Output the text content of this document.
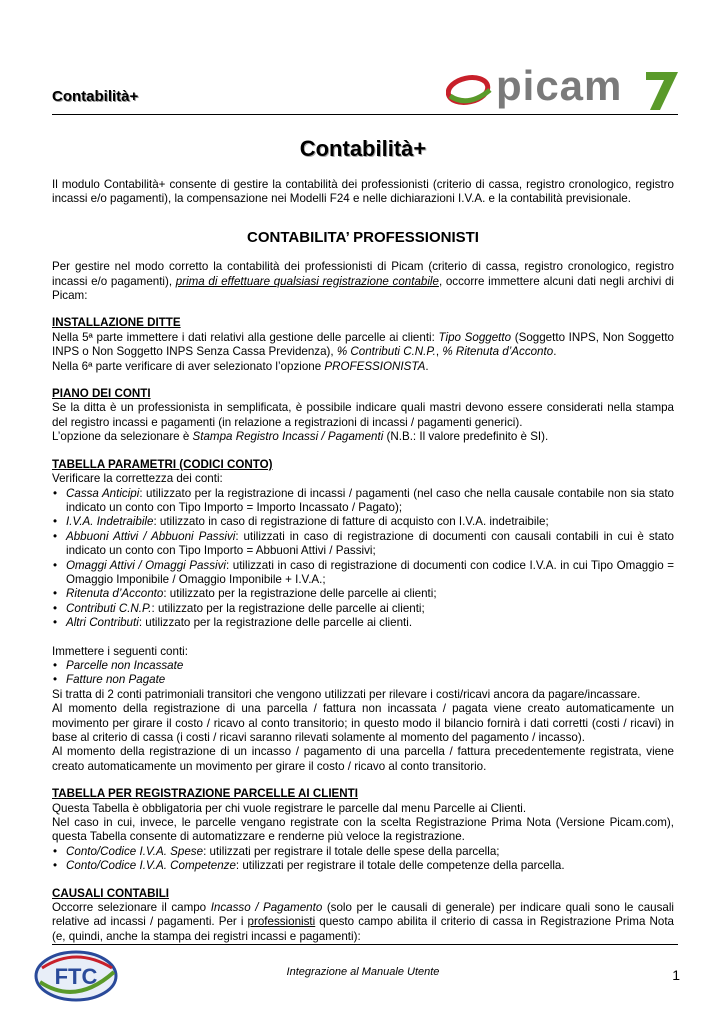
Contabilità+	picam
Contabilità+

Il modulo Contabilità+ consente di gestire la contabilità dei professionisti (criterio di cassa, registro cronologico, registro incassi e/o pagamenti), la compensazione nei Modelli F24 e nelle dichiarazioni I.V.A. e la contabilità previsionale.

CONTABILITA’ PROFESSIONISTI

Per gestire nel modo corretto la contabilità dei professionisti di Picam (criterio di cassa, registro cronologico, registro incassi e/o pagamenti), prima di effettuare qualsiasi registrazione contabile, occorre immettere alcuni dati negli archivi di Picam:

INSTALLAZIONE DITTE

Nella 5ª parte immettere i dati relativi alla gestione delle parcelle ai clienti: Tipo Soggetto (Soggetto INPS, Non Soggetto INPS o Non Soggetto INPS Senza Cassa Previdenza), % Contributi C.N.P., % Ritenuta d’Acconto.

Nella 6ª parte verificare di aver selezionato l’opzione PROFESSIONISTA.

PIANO DEI CONTI

Se la ditta è un professionista in semplificata, è possibile indicare quali mastri devono essere considerati nella stampa del registro incassi e pagamenti (in relazione a registrazioni di incassi / pagamenti generici).

L’opzione da selezionare è Stampa Registro Incassi / Pagamenti (N.B.: Il valore predefinito è SI).

TABELLA PARAMETRI (CODICI CONTO)

Verificare la correttezza dei conti:

• Cassa Anticipi: utilizzato per la registrazione di incassi / pagamenti (nel caso che nella causale contabile non sia stato indicato un conto con Tipo Importo = Importo Incassato / Pagato);
• I.V.A. Indetraibile: utilizzato in caso di registrazione di fatture di acquisto con I.V.A. indetraibile;
• Abbuoni Attivi / Abbuoni Passivi: utilizzati in caso di registrazione di documenti con causali contabili in cui è stato indicato un conto con Tipo Importo = Abbuoni Attivi / Passivi;
• Omaggi Attivi / Omaggi Passivi: utilizzati in caso di registrazione di documenti con codice I.V.A. in cui Tipo Omaggio = Omaggio Imponibile / Omaggio Imponibile + I.V.A.;
• Ritenuta d’Acconto: utilizzato per la registrazione delle parcelle ai clienti;
• Contributi C.N.P.: utilizzato per la registrazione delle parcelle ai clienti;
• Altri Contributi: utilizzato per la registrazione delle parcelle ai clienti.

Immettere i seguenti conti:

• Parcelle non Incassate
• Fatture non Pagate

Si tratta di 2 conti patrimoniali transitori che vengono utilizzati per rilevare i costi/ricavi ancora da pagare/incassare.

Al momento della registrazione di una parcella / fattura non incassata / pagata viene creato automaticamente un movimento per girare il costo / ricavo al conto transitorio; in questo modo il bilancio fornirà i dati corretti (costi / ricavi) in base al criterio di cassa (i costi / ricavi saranno rilevati solamente al momento del pagamento / incasso).

Al momento della registrazione di un incasso / pagamento di una parcella / fattura precedentemente registrata, viene creato automaticamente un movimento per girare il costo / ricavo al conto transitorio.

TABELLA PER REGISTRAZIONE PARCELLE AI CLIENTI

Questa Tabella è obbligatoria per chi vuole registrare le parcelle dal menu Parcelle ai Clienti.

Nel caso in cui, invece, le parcelle vengano registrate con la scelta Registrazione Prima Nota (Versione Picam.com), questa Tabella consente di automatizzare e renderne più veloce la registrazione.

• Conto/Codice I.V.A. Spese: utilizzati per registrare il totale delle spese della parcella;
• Conto/Codice I.V.A. Competenze: utilizzati per registrare il totale delle competenze della parcella.
CAUSALI CONTABILI

Occorre selezionare il campo Incasso / Pagamento (solo per le causali di generale) per indicare quali sono le causali relative ad incassi / pagamenti. Per i professionisti questo campo abilita il criterio di cassa in Registrazione Prima Nota (e, quindi, anche la stampa dei registri incassi e pagamenti):

FTC	Integrazione al Manuale Utente	1
